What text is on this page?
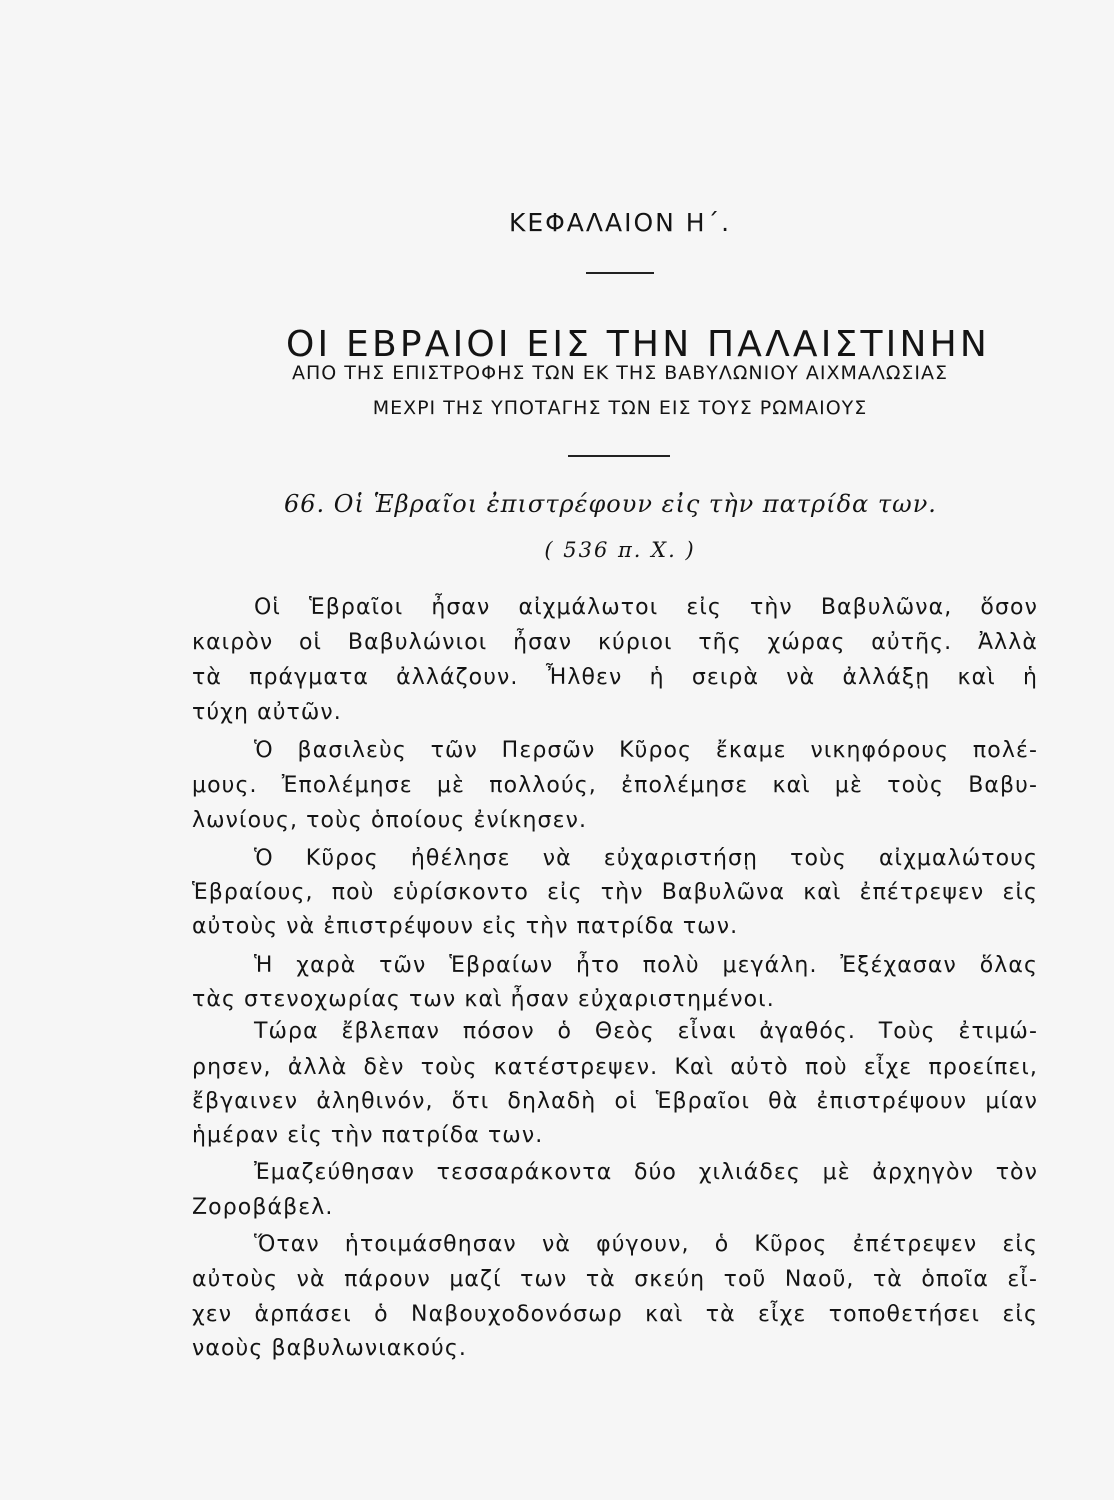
ΚΕΦΑΛΑΙΟΝ Η΄.
ΟΙ ΕΒΡΑΙΟΙ ΕΙΣ ΤΗΝ ΠΑΛΑΙΣΤΙΝΗΝ
ΑΠΟ ΤΗΣ ΕΠΙΣΤΡΟΦΗΣ ΤΩΝ ΕΚ ΤΗΣ ΒΑΒΥΛΩΝΙΟΥ ΑΙΧΜΑΛΩΣΙΑΣ
ΜΕΧΡΙ ΤΗΣ ΥΠΟΤΑΓΗΣ ΤΩΝ ΕΙΣ ΤΟΥΣ ΡΩΜΑΙΟΥΣ
66. Οἱ Ἑβραῖοι ἐπιστρέφουν εἰς τὴν πατρίδα των.
( 536 π. Χ. )
Οἱ Ἑβραῖοι ἦσαν αἰχμάλωτοι εἰς τὴν Βαβυλῶνα, ὅσον
καιρὸν οἱ Βαβυλώνιοι ἦσαν κύριοι τῆς χώρας αὐτῆς. Ἀλλὰ
τὰ πράγματα ἀλλάζουν. Ἦλθεν ἡ σειρὰ νὰ ἀλλάξῃ καὶ ἡ
τύχη αὐτῶν.
Ὁ βασιλεὺς τῶν Περσῶν Κῦρος ἔκαμε νικηφόρους πολέ-
μους. Ἐπολέμησε μὲ πολλούς, ἐπολέμησε καὶ μὲ τοὺς Βαβυ-
λωνίους, τοὺς ὁποίους ἐνίκησεν.
Ὁ Κῦρος ἠθέλησε νὰ εὐχαριστήσῃ τοὺς αἰχμαλώτους
Ἑβραίους, ποὺ εὑρίσκοντο εἰς τὴν Βαβυλῶνα καὶ ἐπέτρεψεν εἰς
αὐτοὺς νὰ ἐπιστρέψουν εἰς τὴν πατρίδα των.
Ἡ χαρὰ τῶν Ἑβραίων ἦτο πολὺ μεγάλη. Ἐξέχασαν ὅλας
τὰς στενοχωρίας των καὶ ἦσαν εὐχαριστημένοι.
Τώρα ἔβλεπαν πόσον ὁ Θεὸς εἶναι ἀγαθός. Τοὺς ἐτιμώ-
ρησεν, ἀλλὰ δὲν τοὺς κατέστρεψεν. Καὶ αὐτὸ ποὺ εἶχε προείπει,
ἔβγαινεν ἀληθινόν, ὅτι δηλαδὴ οἱ Ἑβραῖοι θὰ ἐπιστρέψουν μίαν
ἡμέραν εἰς τὴν πατρίδα των.
Ἐμαζεύθησαν τεσσαράκοντα δύο χιλιάδες μὲ ἀρχηγὸν τὸν
Ζοροβάβελ.
Ὅταν ἡτοιμάσθησαν νὰ φύγουν, ὁ Κῦρος ἐπέτρεψεν εἰς
αὐτοὺς νὰ πάρουν μαζί των τὰ σκεύη τοῦ Ναοῦ, τὰ ὁποῖα εἶ-
χεν ἁρπάσει ὁ Ναβουχοδονόσωρ καὶ τὰ εἶχε τοποθετήσει εἰς
ναοὺς βαβυλωνιακούς.
